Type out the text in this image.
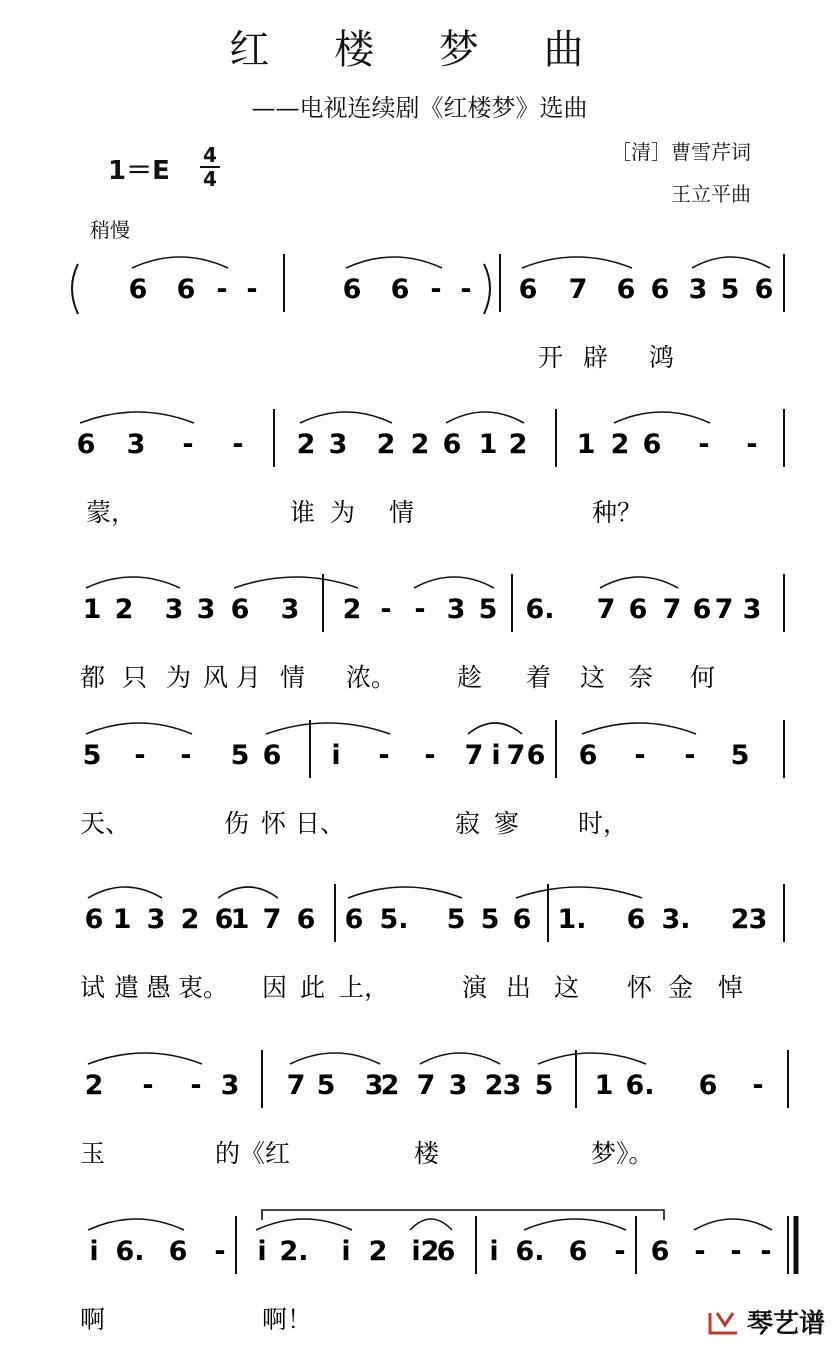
红 楼 梦 曲
——电视连续剧《红楼梦》选曲
1＝E
4
4
［清］曹雪芹词
王立平曲
稍慢
6 6 - -	6 6 - - 6 7 6 6 3 5 6
开 辟 鸿
6 3 - - 2 3 2 2 6 1 2 1 2 6 - -
蒙，	谁 为 情	种？
1 2 3 3 6 3 2 - - 3 5 6. 7 6 7 6 7 3
都 只 为 风 月 情 浓。 趁 着 这 奈 何
5 - - 5 6 i - - 7 i 7 6 6 - - 5
天、	伤 怀 日、	寂 寥 时，
6 1 3 2 6
1 7 6 6 5. 5 5 6 1. 6 3. 2 3
试 遣 愚 衷。 因 此 上，	演 出 这 怀 金 悼
2 - - 3 7 5 3
2 7 3 2 3 5 1 6. 6 -
玉	的《红	楼	梦》。
i 6. 6 - i 2. i 2 i 2
6 i 6. 6 - 6 - - -
啊	啊！	琴艺谱
